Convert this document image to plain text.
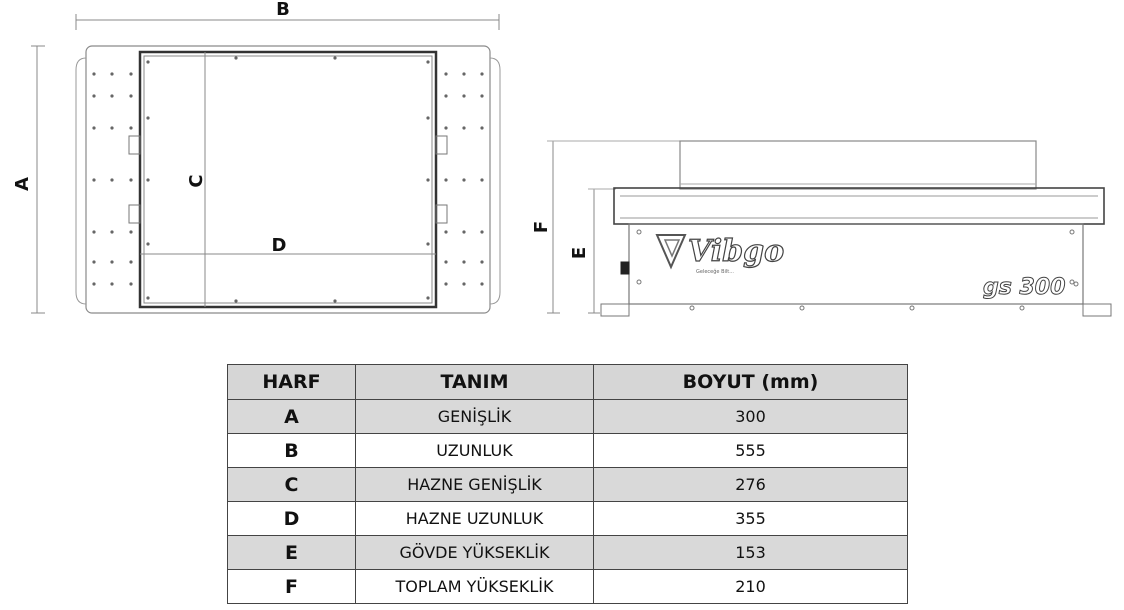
Vibgo
Geleceğe Bilt...
gs 300
B
A	C
D
F
E
HARF	TANIM	BOYUT (mm)
A	GENİŞLİK	300
B	UZUNLUK	555
C	HAZNE GENİŞLİK	276
D	HAZNE UZUNLUK	355
E	GÖVDE YÜKSEKLİK	153
F	TOPLAM YÜKSEKLİK	210
